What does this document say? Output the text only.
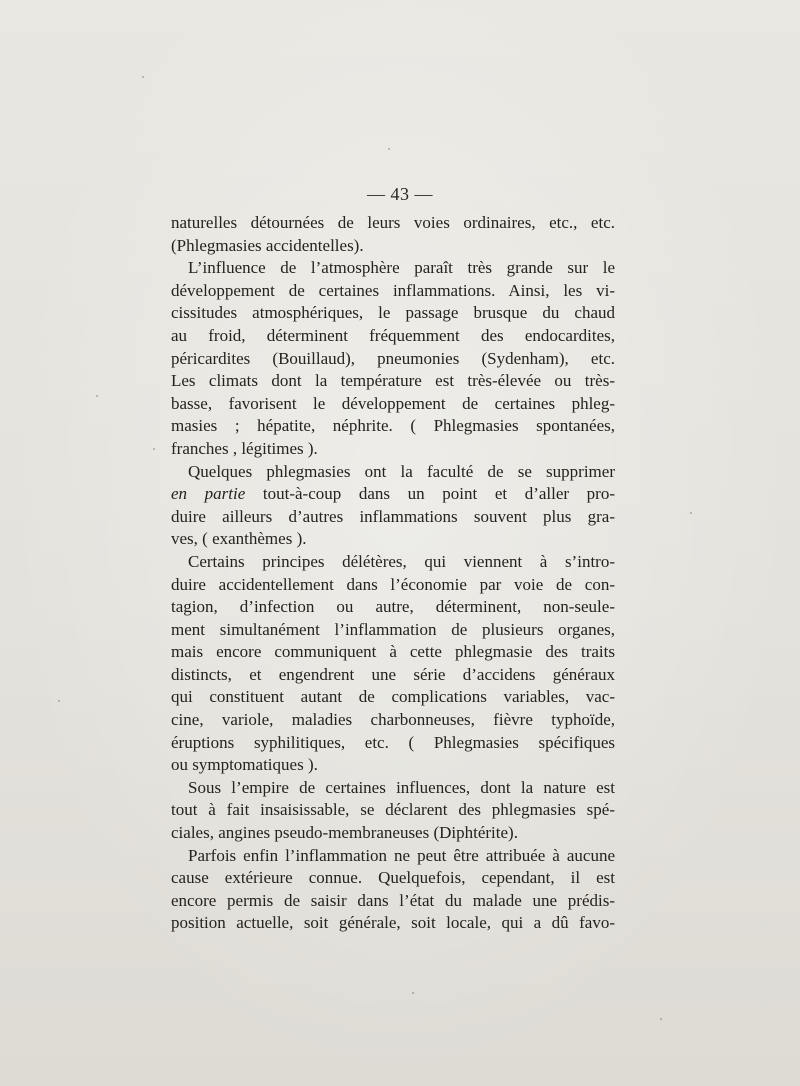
— 43 —
naturelles détournées de leurs voies ordinaires, etc., etc.
(Phlegmasies accidentelles).
L’influence de l’atmosphère paraît très grande sur le
développement de certaines inflammations. Ainsi, les vi-
cissitudes atmosphériques, le passage brusque du chaud
au froid, déterminent fréquemment des endocardites,
péricardites (Bouillaud), pneumonies (Sydenham), etc.
Les climats dont la température est très-élevée ou très-
basse, favorisent le développement de certaines phleg-
masies ; hépatite, néphrite. ( Phlegmasies spontanées,
franches , légitimes ).
Quelques phlegmasies ont la faculté de se supprimer
en partie tout-à-coup dans un point et d’aller pro-
duire ailleurs d’autres inflammations souvent plus gra-
ves, ( exanthèmes ).
Certains principes délétères, qui viennent à s’intro-
duire accidentellement dans l’économie par voie de con-
tagion, d’infection ou autre, déterminent, non-seule-
ment simultanément l’inflammation de plusieurs organes,
mais encore communiquent à cette phlegmasie des traits
distincts, et engendrent une série d’accidens généraux
qui constituent autant de complications variables, vac-
cine, variole, maladies charbonneuses, fièvre typhoïde,
éruptions syphilitiques, etc. ( Phlegmasies spécifiques
ou symptomatiques ).
Sous l’empire de certaines influences, dont la nature est
tout à fait insaisissable, se déclarent des phlegmasies spé-
ciales, angines pseudo-membraneuses (Diphtérite).
Parfois enfin l’inflammation ne peut être attribuée à aucune
cause extérieure connue. Quelquefois, cependant, il est
encore permis de saisir dans l’état du malade une prédis-
position actuelle, soit générale, soit locale, qui a dû favo-
